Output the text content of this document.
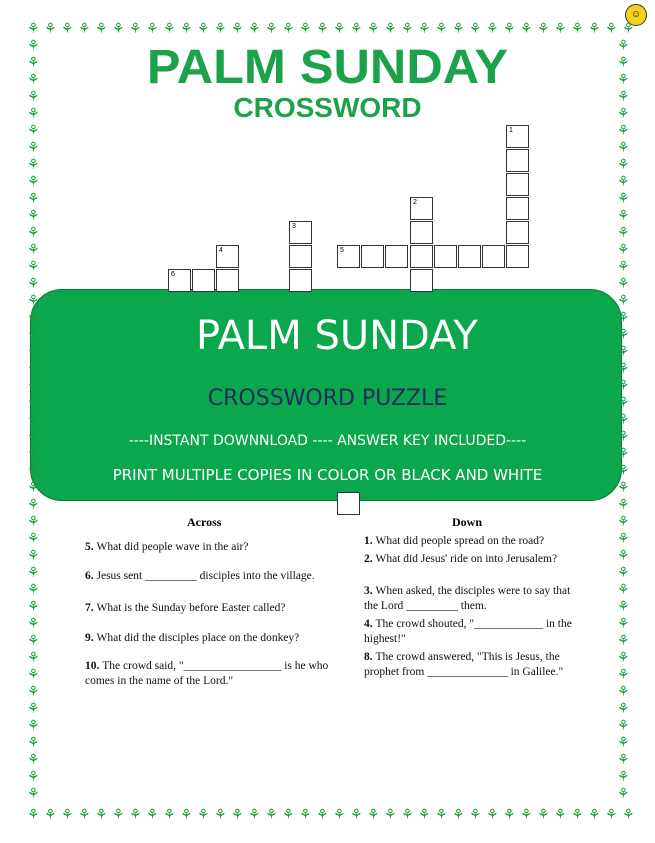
☺
PALM SUNDAY
CROSSWORD
PALM SUNDAY
CROSSWORD PUZZLE
----INSTANT DOWNNLOAD ---- ANSWER KEY INCLUDED----
PRINT MULTIPLE COPIES IN COLOR OR BLACK AND WHITE
Across	Down
⚘
⚘
⚘
⚘
⚘
⚘
⚘
⚘
⚘
⚘
⚘
⚘
⚘
⚘
⚘
⚘
⚘
⚘
⚘
⚘
⚘
⚘
⚘
⚘
⚘
⚘
⚘
⚘
⚘
⚘
⚘
⚘
⚘
⚘
⚘
⚘
⚘
⚘
⚘
⚘
⚘
⚘
⚘
⚘
⚘
⚘
⚘
⚘
⚘
⚘
⚘
⚘
⚘
⚘
⚘
⚘
⚘
⚘
⚘
⚘
⚘
⚘
⚘
⚘
⚘
⚘
⚘
⚘
⚘
⚘
⚘
⚘
⚘	⚘
⚘	⚘
⚘	⚘
⚘	⚘
⚘	⚘
⚘	⚘
⚘	⚘
⚘	⚘
⚘	⚘
⚘	⚘
⚘	⚘
⚘	⚘
⚘	⚘
⚘	⚘
⚘	⚘
⚘	⚘
⚘	⚘
⚘	⚘
⚘	⚘
⚘	⚘
⚘	⚘
⚘	⚘
⚘	⚘
⚘	⚘
⚘	⚘
⚘	⚘
⚘	⚘
⚘	⚘
⚘	⚘
⚘	⚘
⚘	⚘
⚘	⚘
⚘	⚘
⚘	⚘
⚘	⚘
⚘	⚘
⚘	⚘
⚘	⚘
⚘	⚘
⚘	⚘
⚘	⚘
⚘	⚘
⚘	⚘
⚘	⚘
⚘	⚘
1
2
3
4	5
6
5. What did people wave in the air?
6. Jesus sent _________ disciples into the village.
7. What is the Sunday before Easter called?
9. What did the disciples place on the donkey?
10. The crowd said, "_________________ is he who comes in the name of the Lord."
1. What did people spread on the road?
2. What did Jesus' ride on into Jerusalem?
3. When asked, the disciples were to say that the Lord _________ them.
4. The crowd shouted, "____________ in the highest!"
8. The crowd answered, "This is Jesus, the prophet from ______________ in Galilee."
